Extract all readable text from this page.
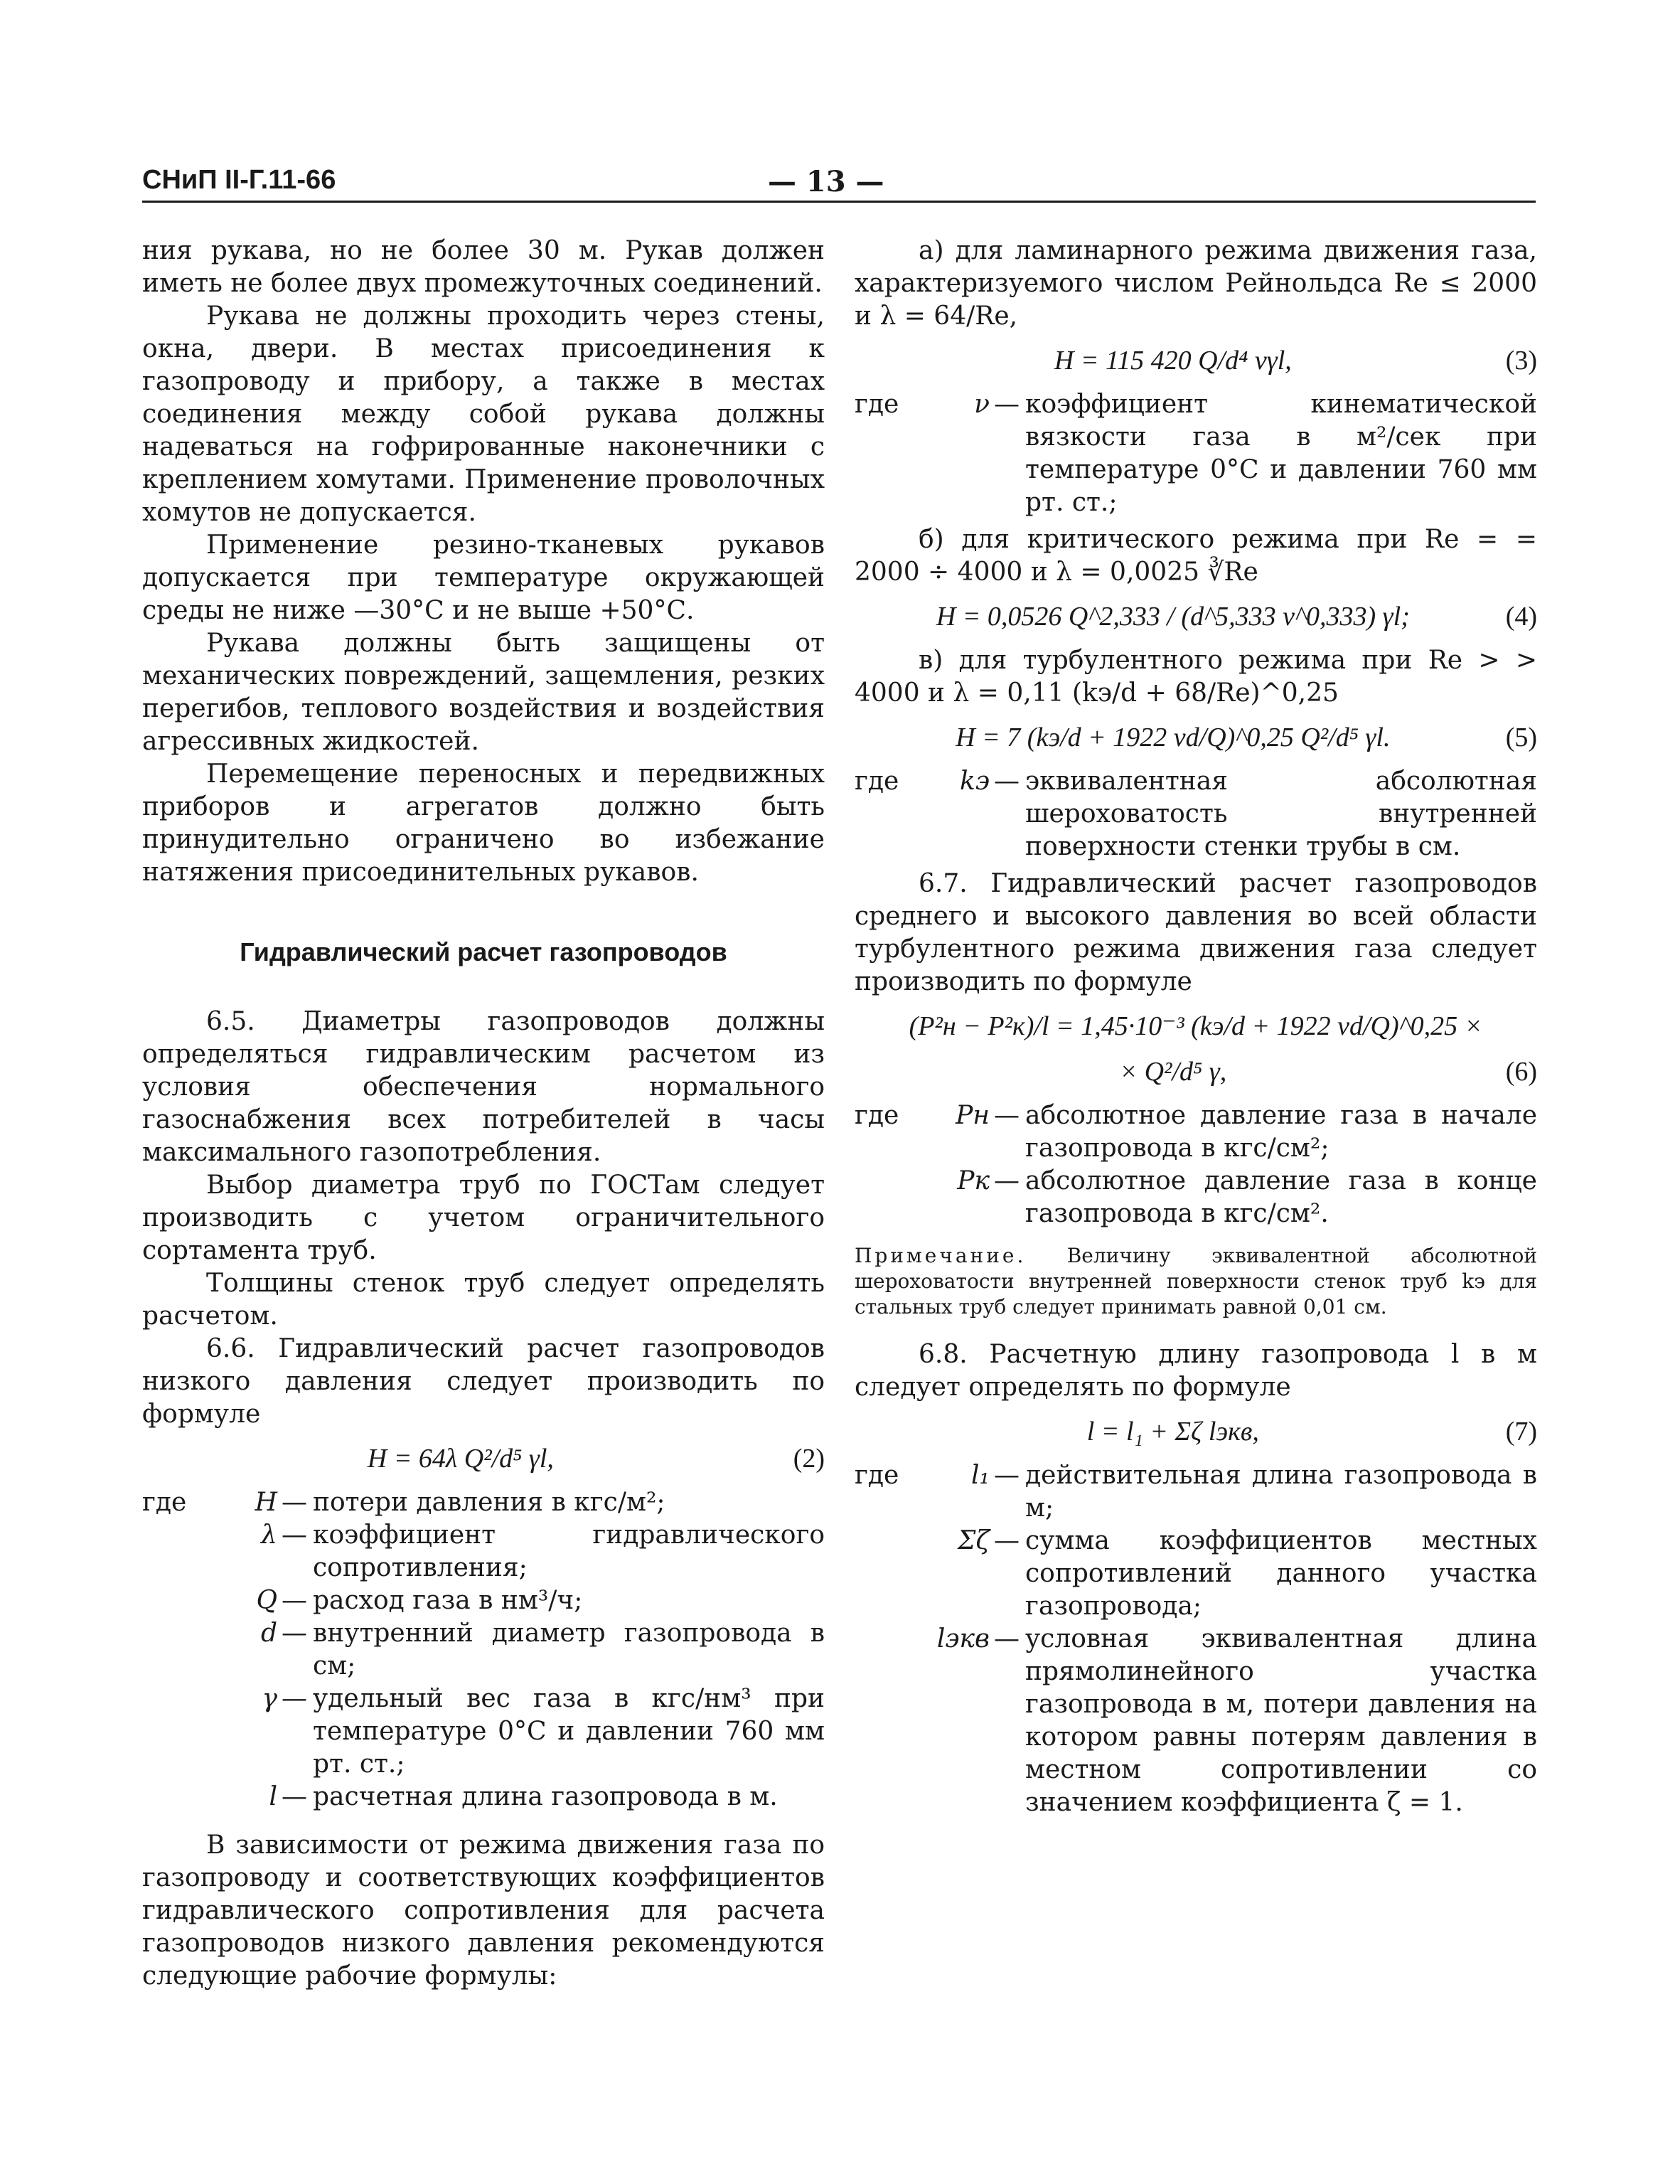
СНиП II-Г.11-66	— 13 —

ния рукава, но не более 30 м. Рукав должен иметь не более двух промежуточных соединений.

Рукава не должны проходить через стены, окна, двери. В местах присоединения к газопроводу и прибору, а также в местах соединения между собой рукава должны надеваться на гофрированные наконечники с креплением хомутами. Применение проволочных хомутов не допускается.

Применение резино-тканевых рукавов допускается при температуре окружающей среды не ниже —30°С и не выше +50°С.

Рукава должны быть защищены от механических повреждений, защемления, резких перегибов, теплового воздействия и воздействия агрессивных жидкостей.

Перемещение переносных и передвижных приборов и агрегатов должно быть принудительно ограничено во избежание натяжения присоединительных рукавов.

Гидравлический расчет газопроводов

6.5. Диаметры газопроводов должны определяться гидравлическим расчетом из условия обеспечения нормального газоснабжения всех потребителей в часы максимального газопотребления.

Выбор диаметра труб по ГОСТам следует производить с учетом ограничительного сортамента труб.

Толщины стенок труб следует определять расчетом.

6.6. Гидравлический расчет газопроводов низкого давления следует производить по формуле

H = 64λ Q²/d⁵ γl,	(2)
где	H — потери давления в кгс/м²;
λ — коэффициент гидравлического сопротивления;
Q — расход газа в нм³/ч;
d — внутренний диаметр газопровода в см;
γ — удельный вес газа в кгс/нм³ при температуре 0°С и давлении 760 мм рт. ст.;
l — расчетная длина газопровода в м.

В зависимости от режима движения газа по газопроводу и соответствующих коэффициентов гидравлического сопротивления для расчета газопроводов низкого давления рекомендуются следующие рабочие формулы:

а) для ламинарного режима движения газа, характеризуемого числом Рейнольдса Re ≤ 2000 и λ = 64/Re,

H = 115 420 Q/d⁴ νγl,	(3)
где	ν — коэффициент кинематической вязкости газа в м²/сек при температуре 0°С и давлении 760 мм рт. ст.;

б) для критического режима при Re = = 2000 ÷ 4000 и λ = 0,0025 ∛Re

H = 0,0526 Q^2,333 / (d^5,333 ν^0,333) γl;	(4)

в) для турбулентного режима при Re > > 4000 и λ = 0,11 (kэ/d + 68/Re)^0,25

H = 7 (kэ/d + 1922 νd/Q)^0,25 Q²/d⁵ γl.	(5)
где	kэ — эквивалентная абсолютная шероховатость внутренней поверхности стенки трубы в см.

6.7. Гидравлический расчет газопроводов среднего и высокого давления во всей области турбулентного режима движения газа следует производить по формуле

(P²н − P²к)/l = 1,45·10⁻³ (kэ/d + 1922 νd/Q)^0,25 ×
× Q²/d⁵ γ,	(6)
где	Pн — абсолютное давление газа в начале газопровода в кгс/см²;
Pк — абсолютное давление газа в конце газопровода в кгс/см².
Примечание. Величину эквивалентной абсолютной шероховатости внутренней поверхности стенок труб kэ для стальных труб следует принимать равной 0,01 см.

6.8. Расчетную длину газопровода l в м следует определять по формуле

l = l₁ + Σζ lэкв,	(7)
где	l₁ — действительная длина газопровода в м;
Σζ — сумма коэффициентов местных сопротивлений данного участка газопровода;
lэкв — условная эквивалентная длина прямолинейного участка газопровода в м, потери давления на котором равны потерям давления в местном сопротивлении со значением коэффициента ζ = 1.
